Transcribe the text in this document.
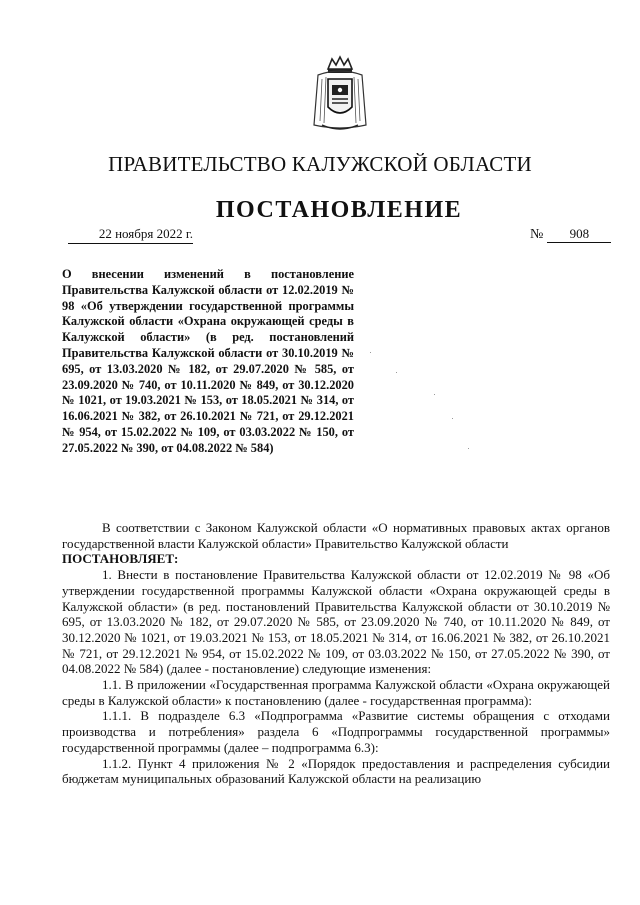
ПРАВИТЕЛЬСТВО КАЛУЖСКОЙ ОБЛАСТИ
ПОСТАНОВЛЕНИЕ
22 ноября 2022 г.	№ 908

О внесении изменений в постановление Правительства Калужской области от 12.02.2019 № 98 «Об утверждении государственной программы Калужской области «Охрана окружающей среды в Калужской области» (в ред. постановлений Правительства Калужской области от 30.10.2019 № 695, от 13.03.2020 № 182, от 29.07.2020 № 585, от 23.09.2020 № 740, от 10.11.2020 № 849, от 30.12.2020 № 1021, от 19.03.2021 № 153, от 18.05.2021 № 314, от 16.06.2021 № 382, от 26.10.2021 № 721, от 29.12.2021 № 954, от 15.02.2022 № 109, от 03.03.2022 № 150, от 27.05.2022 № 390, от 04.08.2022 № 584)

В соответствии с Законом Калужской области «О нормативных правовых актах органов государственной власти Калужской области» Правительство Калужской области

ПОСТАНОВЛЯЕТ:

1. Внести в постановление Правительства Калужской области от 12.02.2019 № 98 «Об утверждении государственной программы Калужской области «Охрана окружающей среды в Калужской области» (в ред. постановлений Правительства Калужской области от 30.10.2019 № 695, от 13.03.2020 № 182, от 29.07.2020 № 585, от 23.09.2020 № 740, от 10.11.2020 № 849, от 30.12.2020 № 1021, от 19.03.2021 № 153, от 18.05.2021 № 314, от 16.06.2021 № 382, от 26.10.2021 № 721, от 29.12.2021 № 954, от 15.02.2022 № 109, от 03.03.2022 № 150, от 27.05.2022 № 390, от 04.08.2022 № 584) (далее - постановление) следующие изменения:

1.1. В приложении «Государственная программа Калужской области «Охрана окружающей среды в Калужской области» к постановлению (далее - государственная программа):

1.1.1. В подразделе 6.3 «Подпрограмма «Развитие системы обращения с отходами производства и потребления» раздела 6 «Подпрограммы государственной программы» государственной программы (далее – подпрограмма 6.3):

1.1.2. Пункт 4 приложения № 2 «Порядок предоставления и распределения субсидии бюджетам муниципальных образований Калужской области на реализацию
